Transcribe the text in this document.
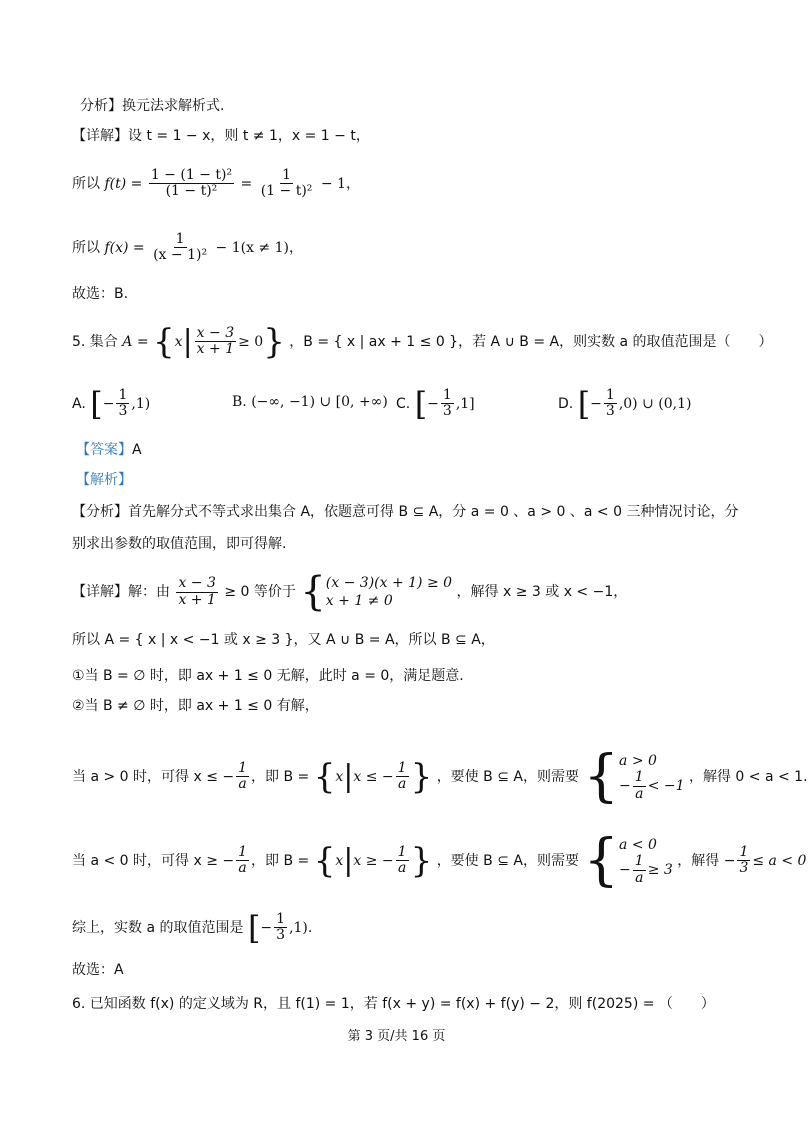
分析】换元法求解析式.
【详解】设 t = 1 − x，则 t ≠ 1，x = 1 − t，
所以 $f(t) = \frac{\text{1 − (1 − t)²}}{\text{(1 − t)²}} = \frac{1}{\text{(1 − t)²}} - 1$，
所以 $f(x) = \frac{1}{\text{(x − 1)²}} - 1(x \ne 1)$，
故选：B.
5. 集合 $A = \{x| \frac{x - 3}{x + 1} \ge 0\}$ ，B = { x | ax + 1 ≤ 0 }，若 A ∪ B = A，则实数 a 的取值范围是（　　）
A. [− $\frac{1}{3} ,1$)	B. (−∞, −1) ∪ [0, +∞) C. [− $\frac{1}{3} ,1$]	D. [− $\frac{1}{3} ,0$) ∪ (0,1)
【答案】A
【解析】
【分析】首先解分式不等式求出集合 A，依题意可得 B ⊆ A，分 a = 0 、a > 0 、a < 0 三种情况讨论，分
别求出参数的取值范围，即可得解.
【详解】解：由 $\frac{x - 3}{x + 1} \ge 0$ 等价于 { (x − 3)(x + 1) ≥ 0
x + 1 ≠ 0
，解得 x ≥ 3 或 x < −1，
所以 A = { x | x < −1 或 x ≥ 3 }，又 A ∪ B = A，所以 B ⊆ A，
①当 B = ∅ 时，即 ax + 1 ≤ 0 无解，此时 a = 0，满足题意.
②当 B ≠ ∅ 时，即 ax + 1 ≤ 0 有解，
当 a > 0 时，可得 x ≤ − $\frac{1}{a}$ ，即 B = {x|x ≤ − $\frac{1}{a}$ } ，要使 B ⊆ A，则需要 { a > 0
− $\frac{1}{a} < -1$
，解得 0 < a < 1.
当 a < 0 时，可得 x ≥ − $\frac{1}{a}$ ，即 B = {x|x ≥ − $\frac{1}{a}$ } ，要使 B ⊆ A，则需要 { a < 0
− $\frac{1}{a} \ge 3$
，解得 − $\frac{1}{3} \le a < 0$
综上，实数 a 的取值范围是 [− $\frac{1}{3} ,1$).
故选：A
6. 已知函数 f(x) 的定义域为 R，且 f(1) = 1，若 f(x + y) = f(x) + f(y) − 2，则 f(2025) = （　　）
第 3 页/共 16 页
